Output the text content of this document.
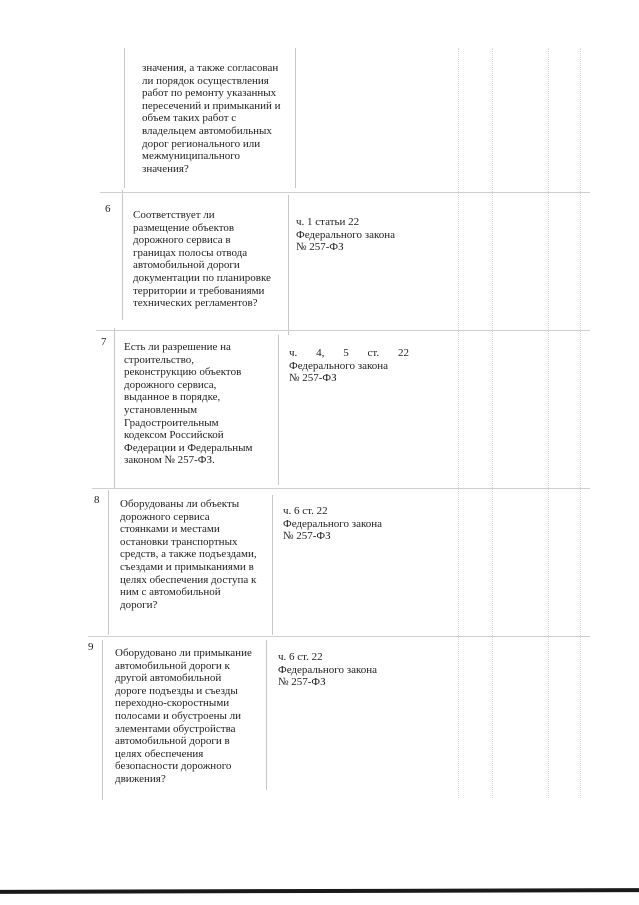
значения, а также согласован
ли порядок осуществления
работ по ремонту указанных
пересечений и примыканий и
объем таких работ с
владельцем автомобильных
дорог регионального или
межмуниципального
значения?
6 Соответствует ли
размещение объектов
дорожного сервиса в
границах полосы отвода
автомобильной дороги
документации по планировке
территории и требованиями
технических регламентов?
ч. 1 статьи 22
Федерального закона
№ 257-ФЗ
7 Есть ли разрешение на
строительство,
реконструкцию объектов
дорожного сервиса,
выданное в порядке,
установленным
Градостроительным
кодексом Российской
Федерации и Федеральным
законом № 257-ФЗ.
ч. 4, 5 ст. 22
Федерального закона
№ 257-ФЗ
8 Оборудованы ли объекты
дорожного сервиса
стоянками и местами
остановки транспортных
средств, а также подъездами,
съездами и примыканиями в
целях обеспечения доступа к
ним с автомобильной
дороги?
ч. 6 ст. 22
Федерального закона
№ 257-ФЗ
9 Оборудовано ли примыкание
автомобильной дороги к
другой автомобильной
дороге подъезды и съезды
переходно-скоростными
полосами и обустроены ли
элементами обустройства
автомобильной дороги в
целях обеспечения
безопасности дорожного
движения?
ч. 6 ст. 22
Федерального закона
№ 257-ФЗ
